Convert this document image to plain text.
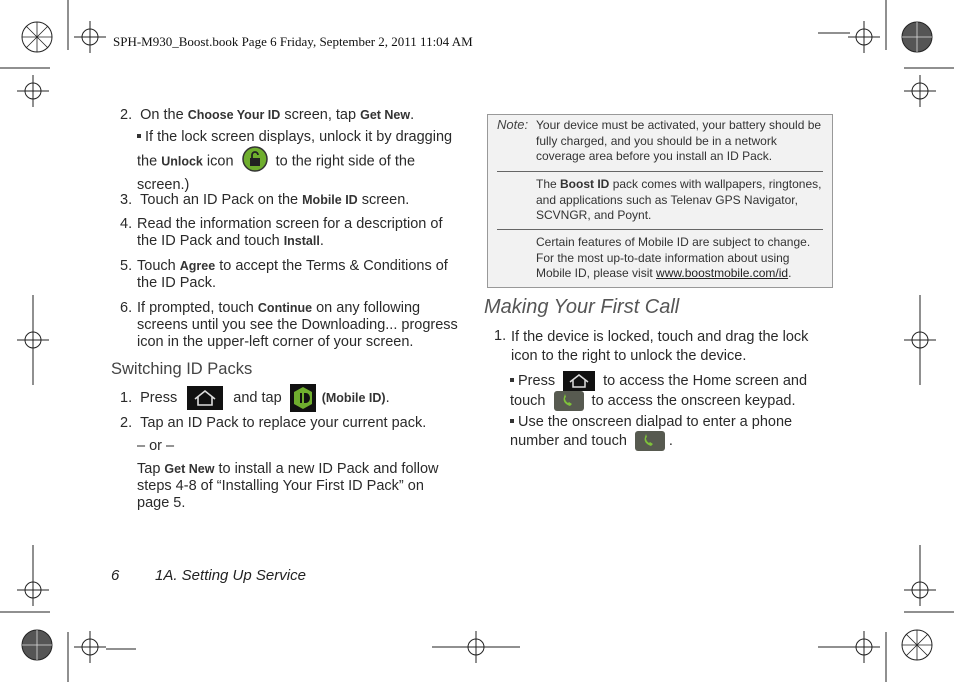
SPH-M930_Boost.book Page 6 Friday, September 2, 2011 11:04 AM
2. On the Choose Your ID screen, tap Get New.
If the lock screen displays, unlock it by dragging the Unlock icon	to the right side of the screen.)
3. Touch an ID Pack on the Mobile ID screen.
4. Read the information screen for a description of the ID Pack and touch Install.
5. Touch Agree to accept the Terms & Conditions of the ID Pack.
6. If prompted, touch Continue on any following screens until you see the Downloading... progress icon in the upper-left corner of your screen.
Switching ID Packs
1. Press	and tap	(Mobile ID).
2. Tap an ID Pack to replace your current pack.
– or –
Tap Get New to install a new ID Pack and follow steps 4-8 of “Installing Your First ID Pack” on page 5.
Note: Your device must be activated, your battery should be fully charged, and you should be in a network coverage area before you install an ID Pack.
The Boost ID pack comes with wallpapers, ringtones, and applications such as Telenav GPS Navigator, SCVNGR, and Poynt.
Certain features of Mobile ID are subject to change. For the most up-to-date information about using Mobile ID, please visit www.boostmobile.com/id.
Making Your First Call
1. If the device is locked, touch and drag the lock icon to the right to unlock the device.
Press	to access the Home screen and touch	to access the onscreen keypad.
Use the onscreen dialpad to enter a phone number and touch	.
6 1A. Setting Up Service
